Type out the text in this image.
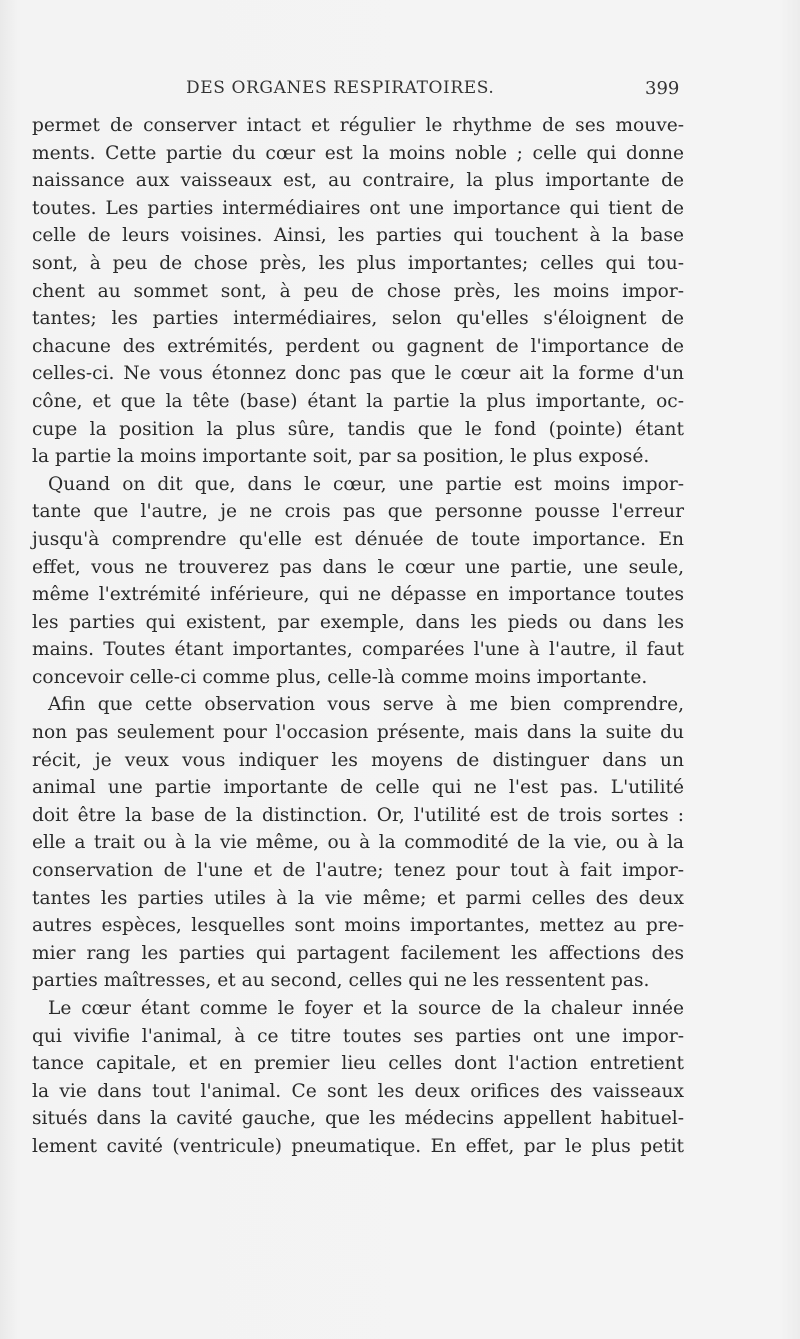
DES ORGANES RESPIRATOIRES.	399
permet de conserver intact et régulier le rhythme de ses mouve-
ments. Cette partie du cœur est la moins noble ; celle qui donne
naissance aux vaisseaux est, au contraire, la plus importante de
toutes. Les parties intermédiaires ont une importance qui tient de
celle de leurs voisines. Ainsi, les parties qui touchent à la base
sont, à peu de chose près, les plus importantes; celles qui tou-
chent au sommet sont, à peu de chose près, les moins impor-
tantes; les parties intermédiaires, selon qu'elles s'éloignent de
chacune des extrémités, perdent ou gagnent de l'importance de
celles-ci. Ne vous étonnez donc pas que le cœur ait la forme d'un
cône, et que la tête (base) étant la partie la plus importante, oc-
cupe la position la plus sûre, tandis que le fond (pointe) étant
la partie la moins importante soit, par sa position, le plus exposé.
Quand on dit que, dans le cœur, une partie est moins impor-
tante que l'autre, je ne crois pas que personne pousse l'erreur
jusqu'à comprendre qu'elle est dénuée de toute importance. En
effet, vous ne trouverez pas dans le cœur une partie, une seule,
même l'extrémité inférieure, qui ne dépasse en importance toutes
les parties qui existent, par exemple, dans les pieds ou dans les
mains. Toutes étant importantes, comparées l'une à l'autre, il faut
concevoir celle-ci comme plus, celle-là comme moins importante.
Afin que cette observation vous serve à me bien comprendre,
non pas seulement pour l'occasion présente, mais dans la suite du
récit, je veux vous indiquer les moyens de distinguer dans un
animal une partie importante de celle qui ne l'est pas. L'utilité
doit être la base de la distinction. Or, l'utilité est de trois sortes :
elle a trait ou à la vie même, ou à la commodité de la vie, ou à la
conservation de l'une et de l'autre; tenez pour tout à fait impor-
tantes les parties utiles à la vie même; et parmi celles des deux
autres espèces, lesquelles sont moins importantes, mettez au pre-
mier rang les parties qui partagent facilement les affections des
parties maîtresses, et au second, celles qui ne les ressentent pas.
Le cœur étant comme le foyer et la source de la chaleur innée
qui vivifie l'animal, à ce titre toutes ses parties ont une impor-
tance capitale, et en premier lieu celles dont l'action entretient
la vie dans tout l'animal. Ce sont les deux orifices des vaisseaux
situés dans la cavité gauche, que les médecins appellent habituel-
lement cavité (ventricule) pneumatique. En effet, par le plus petit
